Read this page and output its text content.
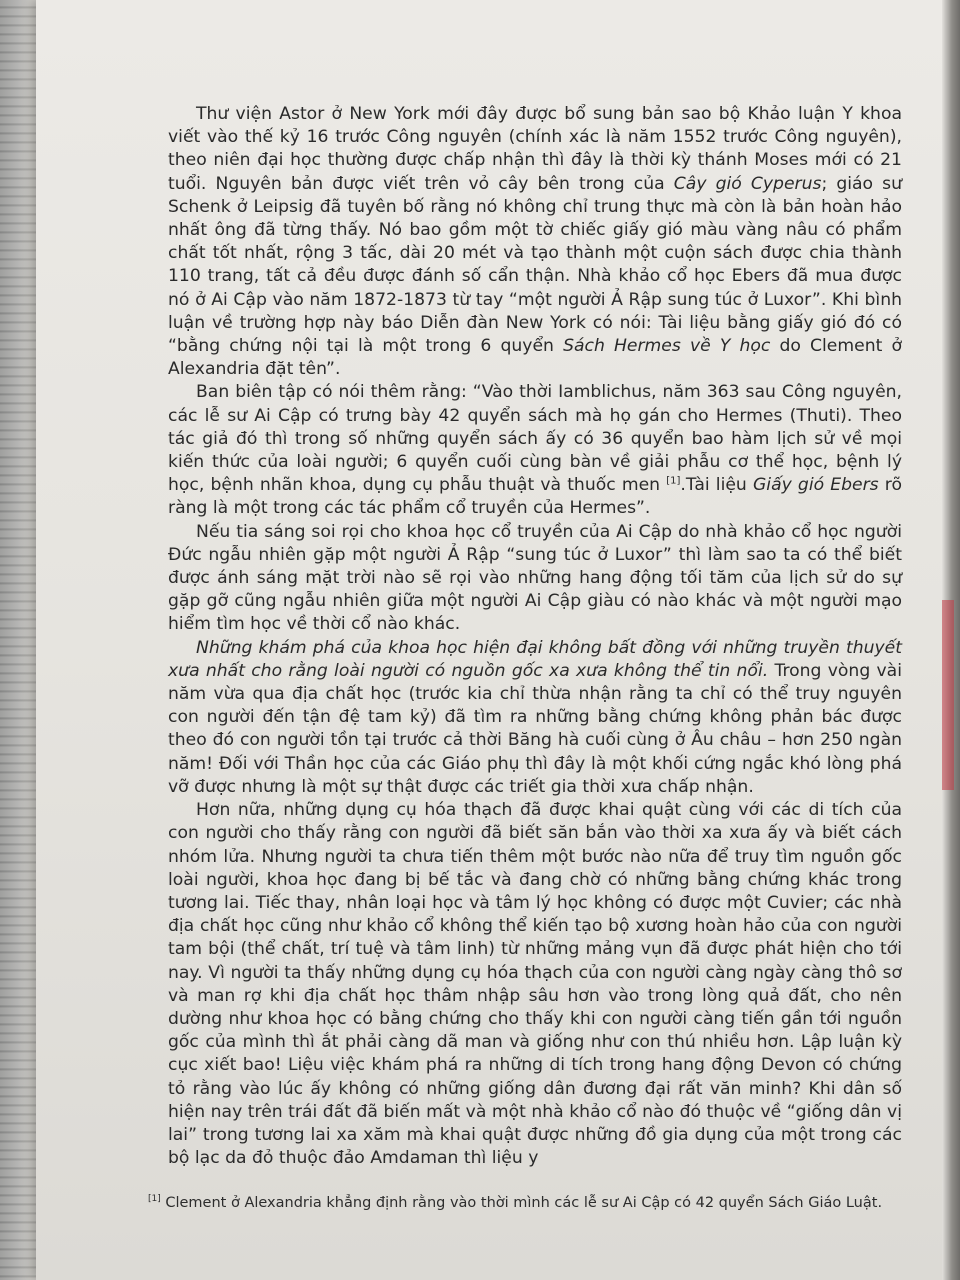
Thư viện Astor ở New York mới đây được bổ sung bản sao bộ Khảo luận Y khoa viết vào thế kỷ 16 trước Công nguyên (chính xác là năm 1552 trước Công nguyên), theo niên đại học thường được chấp nhận thì đây là thời kỳ thánh Moses mới có 21 tuổi. Nguyên bản được viết trên vỏ cây bên trong của Cây gió Cyperus; giáo sư Schenk ở Leipsig đã tuyên bố rằng nó không chỉ trung thực mà còn là bản hoàn hảo nhất ông đã từng thấy. Nó bao gồm một tờ chiếc giấy gió màu vàng nâu có phẩm chất tốt nhất, rộng 3 tấc, dài 20 mét và tạo thành một cuộn sách được chia thành 110 trang, tất cả đều được đánh số cẩn thận. Nhà khảo cổ học Ebers đã mua được nó ở Ai Cập vào năm 1872-1873 từ tay “một người Ả Rập sung túc ở Luxor”. Khi bình luận về trường hợp này báo Diễn đàn New York có nói: Tài liệu bằng giấy gió đó có “bằng chứng nội tại là một trong 6 quyển Sách Hermes về Y học do Clement ở Alexandria đặt tên”.

Ban biên tập có nói thêm rằng: “Vào thời Iamblichus, năm 363 sau Công nguyên, các lễ sư Ai Cập có trưng bày 42 quyển sách mà họ gán cho Hermes (Thuti). Theo tác giả đó thì trong số những quyển sách ấy có 36 quyển bao hàm lịch sử về mọi kiến thức của loài người; 6 quyển cuối cùng bàn về giải phẫu cơ thể học, bệnh lý học, bệnh nhãn khoa, dụng cụ phẫu thuật và thuốc men [1].Tài liệu Giấy gió Ebers rõ ràng là một trong các tác phẩm cổ truyền của Hermes”.

Nếu tia sáng soi rọi cho khoa học cổ truyền của Ai Cập do nhà khảo cổ học người Đức ngẫu nhiên gặp một người Ả Rập “sung túc ở Luxor” thì làm sao ta có thể biết được ánh sáng mặt trời nào sẽ rọi vào những hang động tối tăm của lịch sử do sự gặp gỡ cũng ngẫu nhiên giữa một người Ai Cập giàu có nào khác và một người mạo hiểm tìm học về thời cổ nào khác.

Những khám phá của khoa học hiện đại không bất đồng với những truyền thuyết xưa nhất cho rằng loài người có nguồn gốc xa xưa không thể tin nổi. Trong vòng vài năm vừa qua địa chất học (trước kia chỉ thừa nhận rằng ta chỉ có thể truy nguyên con người đến tận đệ tam kỷ) đã tìm ra những bằng chứng không phản bác được theo đó con người tồn tại trước cả thời Băng hà cuối cùng ở Âu châu – hơn 250 ngàn năm! Đối với Thần học của các Giáo phụ thì đây là một khối cứng ngắc khó lòng phá vỡ được nhưng là một sự thật được các triết gia thời xưa chấp nhận.

Hơn nữa, những dụng cụ hóa thạch đã được khai quật cùng với các di tích của con người cho thấy rằng con người đã biết săn bắn vào thời xa xưa ấy và biết cách nhóm lửa. Nhưng người ta chưa tiến thêm một bước nào nữa để truy tìm nguồn gốc loài người, khoa học đang bị bế tắc và đang chờ có những bằng chứng khác trong tương lai. Tiếc thay, nhân loại học và tâm lý học không có được một Cuvier; các nhà địa chất học cũng như khảo cổ không thể kiến tạo bộ xương hoàn hảo của con người tam bội (thể chất, trí tuệ và tâm linh) từ những mảng vụn đã được phát hiện cho tới nay. Vì người ta thấy những dụng cụ hóa thạch của con người càng ngày càng thô sơ và man rợ khi địa chất học thâm nhập sâu hơn vào trong lòng quả đất, cho nên dường như khoa học có bằng chứng cho thấy khi con người càng tiến gần tới nguồn gốc của mình thì ắt phải càng dã man và giống như con thú nhiều hơn. Lập luận kỳ cục xiết bao! Liệu việc khám phá ra những di tích trong hang động Devon có chứng tỏ rằng vào lúc ấy không có những giống dân đương đại rất văn minh? Khi dân số hiện nay trên trái đất đã biến mất và một nhà khảo cổ nào đó thuộc về “giống dân vị lai” trong tương lai xa xăm mà khai quật được những đồ gia dụng của một trong các bộ lạc da đỏ thuộc đảo Amdaman thì liệu y

[1] Clement ở Alexandria khẳng định rằng vào thời mình các lễ sư Ai Cập có 42 quyển Sách Giáo Luật.
